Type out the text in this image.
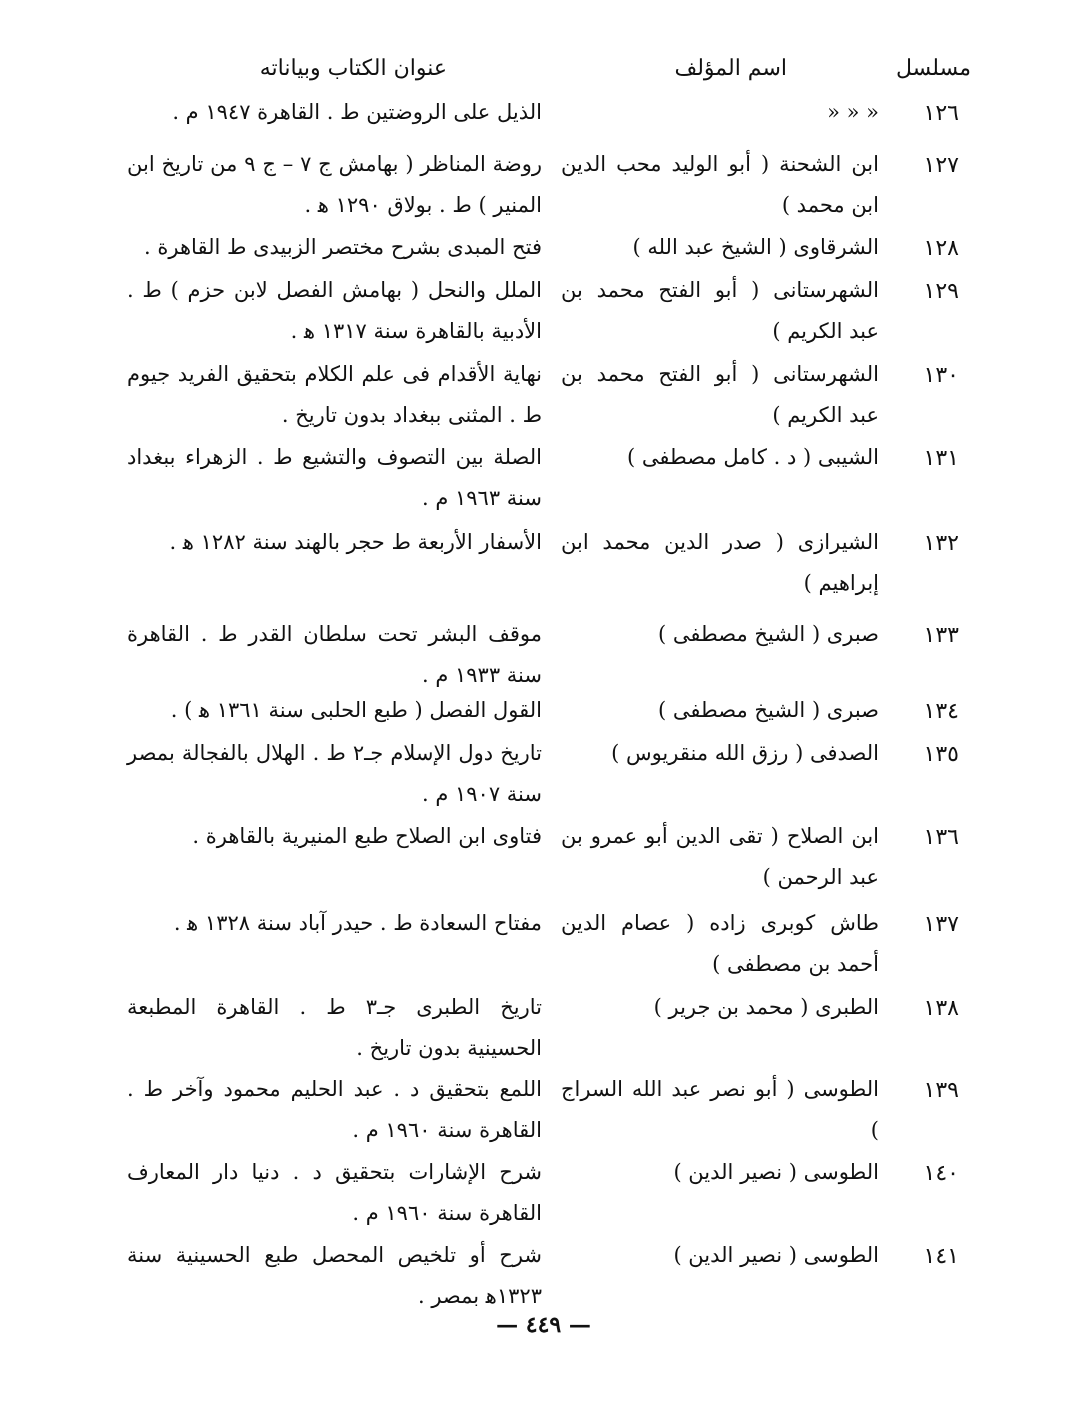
مسلسل
اسم المؤلف
عنوان الكتاب وبياناته
١٢٦
« « «
الذيل على الروضتين ط . القاهرة ١٩٤٧ م .
١٢٧
ابن الشحنة ( أبو الوليد محب الدين ابن محمد )
روضة المناظر ( بهامش ج ٧ – ج ٩ من تاريخ ابن المنير ) ط . بولاق ١٢٩٠ ﻫ .
١٢٨
الشرقاوى ( الشيخ عبد الله )
فتح المبدى بشرح مختصر الزبيدى ط القاهرة .
١٢٩
الشهرستانى ( أبو الفتح محمد بن عبد الكريم )
الملل والنحل ( بهامش الفصل لابن حزم ) ط . الأدبية بالقاهرة سنة ١٣١٧ ﻫ .
١٣٠
الشهرستانى ( أبو الفتح محمد بن عبد الكريم )
نهاية الأقدام فى علم الكلام بتحقيق الفريد جيوم ط . المثنى ببغداد بدون تاريخ .
١٣١
الشيبى ( د . كامل مصطفى )
الصلة بين التصوف والتشيع ط . الزهراء ببغداد سنة ١٩٦٣ م .
١٣٢
الشيرازى ( صدر الدين محمد ابن إبراهيم )
الأسفار الأربعة ط حجر بالهند سنة ١٢٨٢ ﻫ .
١٣٣
صبرى ( الشيخ مصطفى )
موقف البشر تحت سلطان القدر ط . القاهرة سنة ١٩٣٣ م .
١٣٤
صبرى ( الشيخ مصطفى )
القول الفصل ( طبع الحلبى سنة ١٣٦١ ﻫ ) .
١٣٥
الصدفى ( رزق الله منقريوس )
تاريخ دول الإسلام جـ٢ ط . الهلال بالفجالة بمصر سنة ١٩٠٧ م .
١٣٦
ابن الصلاح ( تقى الدين أبو عمرو بن عبد الرحمن )
فتاوى ابن الصلاح طبع المنيرية بالقاهرة .
١٣٧
طاش كوبرى زاده ( عصام الدين أحمد بن مصطفى )
مفتاح السعادة ط . حيدر آباد سنة ١٣٢٨ ﻫ .
١٣٨
الطبرى ( محمد بن جرير )
تاريخ الطبرى جـ٣ ط . القاهرة المطبعة الحسينية بدون تاريخ .
١٣٩
الطوسى ( أبو نصر عبد الله السراج )
اللمع بتحقيق د . عبد الحليم محمود وآخر ط . القاهرة سنة ١٩٦٠ م .
١٤٠
الطوسى ( نصير الدين )
شرح الإشارات بتحقيق د . دنيا دار المعارف القاهرة سنة ١٩٦٠ م .
١٤١
الطوسى ( نصير الدين )
شرح أو تلخيص المحصل طبع الحسينية سنة ١٣٢٣ﻫ بمصر .
— ٤٤٩ —
